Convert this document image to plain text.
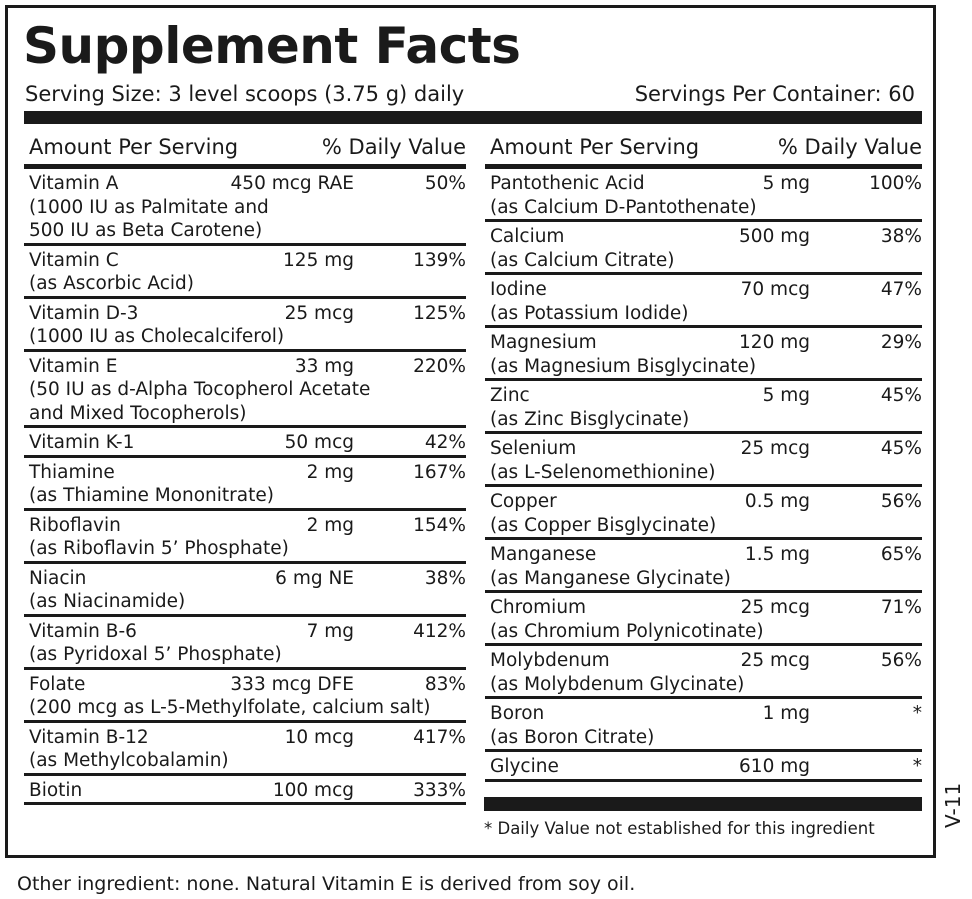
Supplement Facts
Serving Size: 3 level scoops (3.75 g) daily	Servings Per Container: 60
Amount Per Serving	% Daily Value
Vitamin A	450 mcg RAE	50%
(1000 IU as Palmitate and
500 IU as Beta Carotene)
Vitamin C	125 mg	139%
(as Ascorbic Acid)
Vitamin D-3	25 mcg	125%
(1000 IU as Cholecalciferol)
Vitamin E	33 mg	220%
(50 IU as d-Alpha Tocopherol Acetate
and Mixed Tocopherols)
Vitamin K-1	50 mcg	42%
Thiamine	2 mg	167%
(as Thiamine Mononitrate)
Riboflavin	2 mg	154%
(as Riboflavin 5’ Phosphate)
Niacin	6 mg NE	38%
(as Niacinamide)
Vitamin B-6	7 mg	412%
(as Pyridoxal 5’ Phosphate)
Folate	333 mcg DFE	83%
(200 mcg as L-5-Methylfolate, calcium salt)
Vitamin B-12	10 mcg	417%
(as Methylcobalamin)
Biotin	100 mcg	333%
Amount Per Serving	% Daily Value
Pantothenic Acid	5 mg	100%
(as Calcium D-Pantothenate)
Calcium	500 mg	38%
(as Calcium Citrate)
Iodine	70 mcg	47%
(as Potassium Iodide)
Magnesium	120 mg	29%
(as Magnesium Bisglycinate)
Zinc	5 mg	45%
(as Zinc Bisglycinate)
Selenium	25 mcg	45%
(as L-Selenomethionine)
Copper	0.5 mg	56%
(as Copper Bisglycinate)
Manganese	1.5 mg	65%
(as Manganese Glycinate)
Chromium	25 mcg	71%
(as Chromium Polynicotinate)
Molybdenum	25 mcg	56%
(as Molybdenum Glycinate)
Boron	1 mg	*
(as Boron Citrate)
Glycine	610 mg	*
* Daily Value not established for this ingredient
V-11
Other ingredient: none. Natural Vitamin E is derived from soy oil.
